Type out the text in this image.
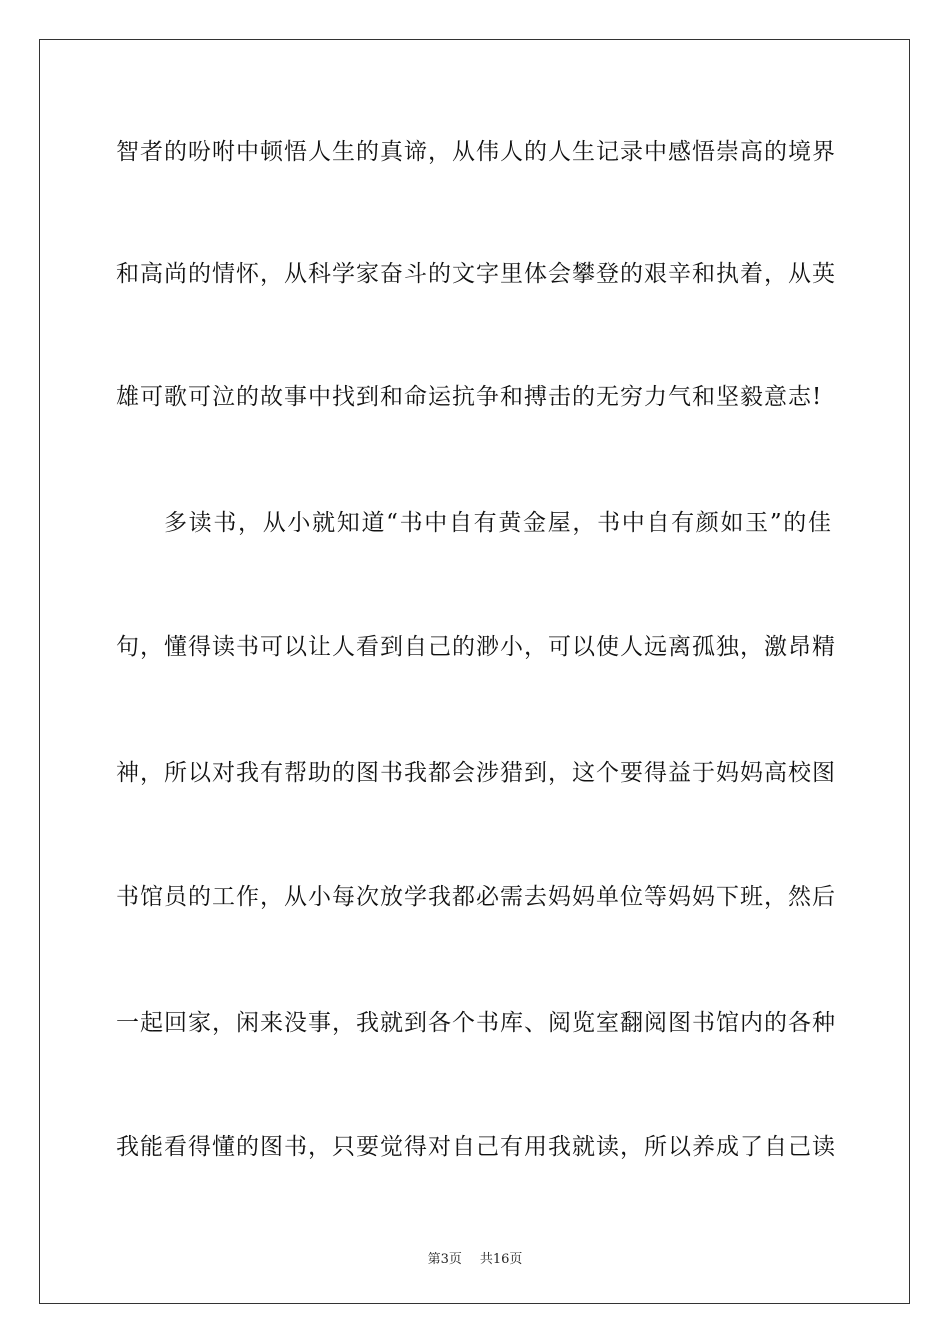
智者的吩咐中顿悟人生的真谛，从伟人的人生记录中感悟崇高的境界
和高尚的情怀，从科学家奋斗的文字里体会攀登的艰辛和执着，从英
雄可歌可泣的故事中找到和命运抗争和搏击的无穷力气和坚毅意志!
多读书，从小就知道“书中自有黄金屋，书中自有颜如玉”的佳
句，懂得读书可以让人看到自己的渺小，可以使人远离孤独，激昂精
神，所以对我有帮助的图书我都会涉猎到，这个要得益于妈妈高校图
书馆员的工作，从小每次放学我都必需去妈妈单位等妈妈下班，然后
一起回家，闲来没事，我就到各个书库、阅览室翻阅图书馆内的各种
我能看得懂的图书，只要觉得对自己有用我就读，所以养成了自己读
第3页 共16页
